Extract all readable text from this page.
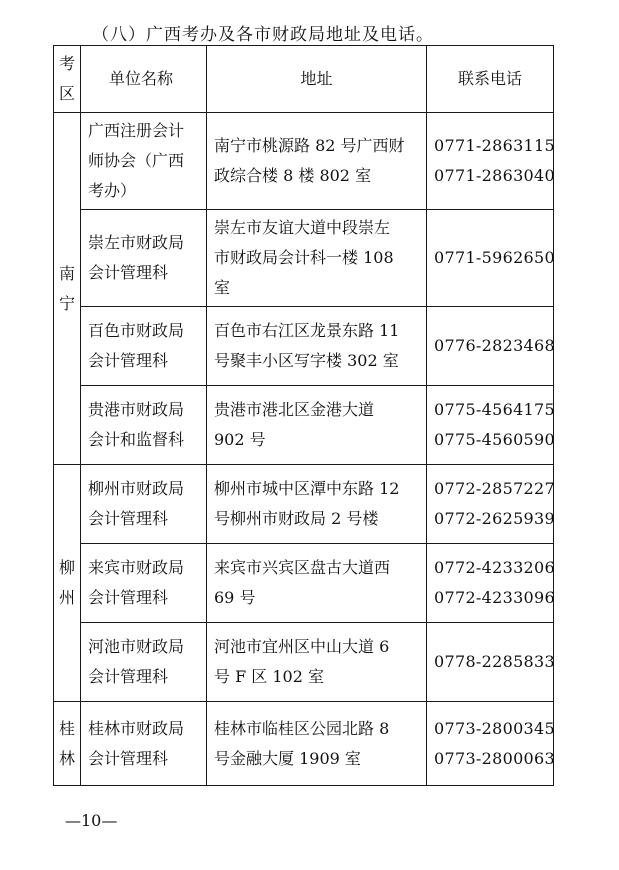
（八）广西考办及各市财政局地址及电话。
考
区	单位名称	地址	联系电话

南
宁	广西注册会计
师协会（广西
考办）	南宁市桃源路 82 号广西财
政综合楼 8 楼 802 室	0771-2863115
0771-2863040

	崇左市财政局
会计管理科	崇左市友谊大道中段崇左
市财政局会计科一楼 108
室	0771-5962650

	百色市财政局
会计管理科	百色市右江区龙景东路 11
号聚丰小区写字楼 302 室	0776-2823468

	贵港市财政局
会计和监督科	贵港市港北区金港大道
902 号	0775-4564175
0775-4560590

柳
州	柳州市财政局
会计管理科	柳州市城中区潭中东路 12
号柳州市财政局 2 号楼	0772-2857227
0772-2625939

	来宾市财政局
会计管理科	来宾市兴宾区盘古大道西
69 号	0772-4233206
0772-4233096

	河池市财政局
会计管理科	河池市宜州区中山大道 6
号 F 区 102 室	0778-2285833

桂
林	桂林市财政局
会计管理科	桂林市临桂区公园北路 8
号金融大厦 1909 室	0773-2800345
0773-2800063
—10—
